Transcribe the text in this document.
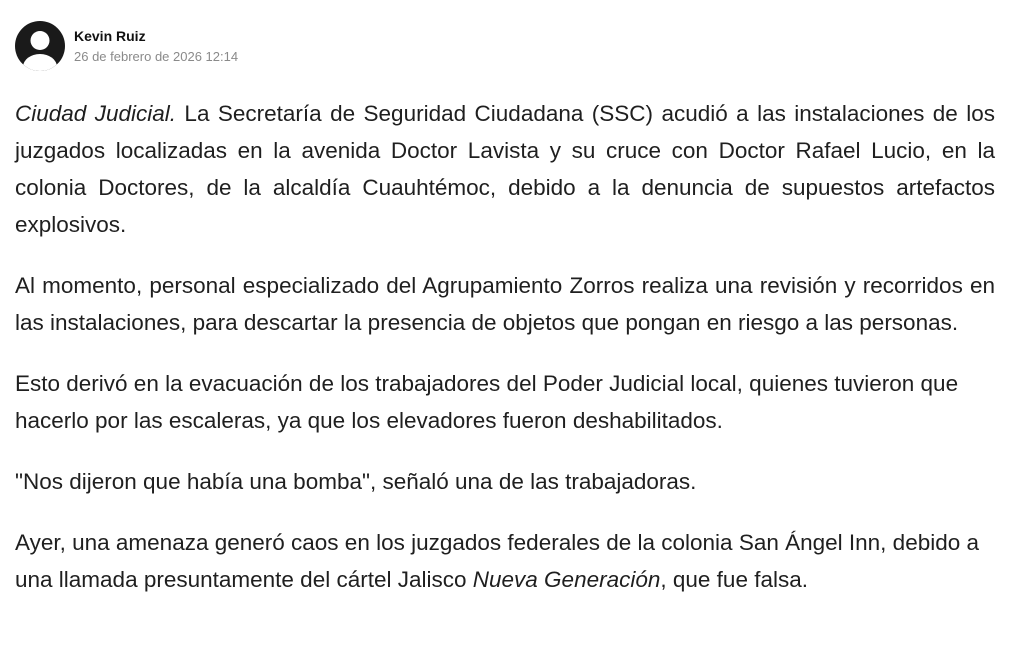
Kevin Ruiz
26 de febrero de 2026 12:14

Ciudad Judicial. La Secretaría de Seguridad Ciudadana (SSC) acudió a las instalaciones de los juzgados localizadas en la avenida Doctor Lavista y su cruce con Doctor Rafael Lucio, en la colonia Doctores, de la alcaldía Cuauhtémoc, debido a la denuncia de supuestos artefactos explosivos.

Al momento, personal especializado del Agrupamiento Zorros realiza una revisión y recorridos en las instalaciones, para descartar la presencia de objetos que pongan en riesgo a las personas.

Esto derivó en la evacuación de los trabajadores del Poder Judicial local, quienes tuvieron que hacerlo por las escaleras, ya que los elevadores fueron deshabilitados.

"Nos dijeron que había una bomba", señaló una de las trabajadoras.

Ayer, una amenaza generó caos en los juzgados federales de la colonia San Ángel Inn, debido a una llamada presuntamente del cártel Jalisco Nueva Generación, que fue falsa.
